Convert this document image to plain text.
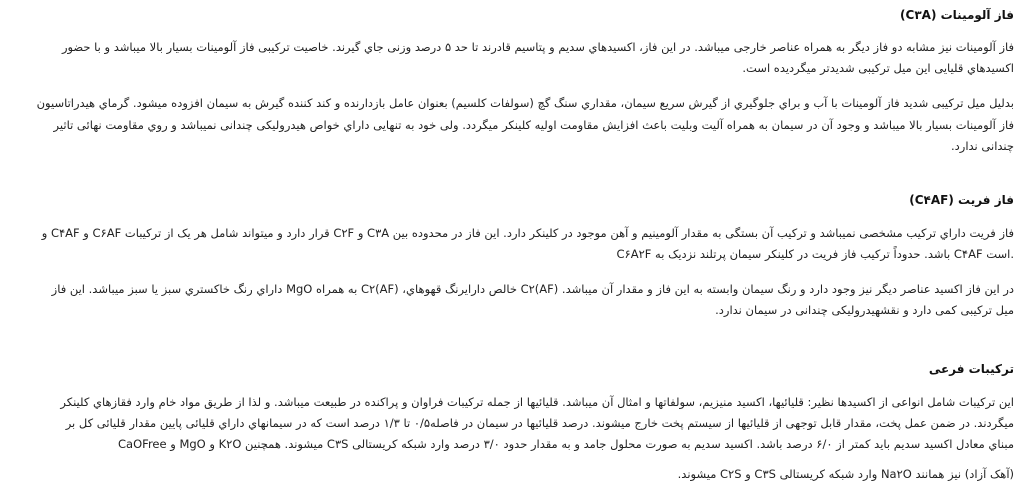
فاز آلومينات (C۳A)
فاز آلومینات نیز مشابه دو فاز دیگر به همراه عناصر خارجی میباشد. در این فاز، اکسیدهاي سدیم و پتاسیم قادرند تا حد ۵ درصد وزنی جاي گیرند. خاصیت ترکیبی فاز آلومینات بسیار بالا میباشد و با حضور
اکسیدهاي قلیایی این میل ترکیبی شدیدتر میگردیده است.
بدلیل میل ترکیبی شدید فاز آلومینات با آب و براي جلوگیري از گیرش سریع سیمان، مقداري سنگ گچ (سولفات کلسیم) بعنوان عامل بازدارنده و کند کننده گیرش به سیمان افزوده میشود. گرماي هیدراتاسیون
فاز آلومینات بسیار بالا میباشد و وجود آن در سیمان به همراه آلیت وبلیت باعث افزایش مقاومت اولیه کلینکر میگردد. ولی خود به تنهایی داراي خواص هیدرولیکی چندانی نمیباشد و روي مقاومت نهائی تاثیر
چندانی ندارد.
فاز فريت (C۴AF)
فاز فریت داراي ترکیب مشخصی نمیباشد و ترکیب آن بستگی به مقدار آلومینیم و آهن موجود در کلینکر دارد. این فاز در محدوده بین C۳A و C۲F قرار دارد و میتواند شامل هر یک از ترکیبات C۶AF و C۴AF و
C۶A۲F باشد. حدوداً ترکیب فاز فریت در کلینکر سیمان پرتلند نزدیک به C۴AF است.
در این فاز اکسید عناصر دیگر نیز وجود دارد و رنگ سیمان وابسته به این فاز و مقدار آن میباشد. C۲(AF) خالص دارایرنگ قهوهاي، C۲(AF) به همراه MgO داراي رنگ خاکستري سبز یا سبز میباشد. این فاز
میل ترکیبی کمی دارد و نقشهیدرولیکی چندانی در سیمان ندارد.
تركيبات فرعی
این ترکیبات شامل انواعی از اکسیدها نظیر: قلیائیها، اکسید منیزیم، سولفاتها و امثال آن میباشد. قلیائیها از جمله ترکیبات فراوان و پراکنده در طبیعت میباشد. و لذا از طریق مواد خام وارد فقازهاي کلینکر
میگردند. در ضمن عمل پخت، مقدار قابل توجهی از قلیائیها از سیستم پخت خارج میشوند. درصد قلیائیها در سیمان در فاصله۰/۵ تا ۱/۳ درصد است که در سیمانهاي داراي قلیائی پایین مقدار قلیائی کل بر
مبناي معادل اکسید سدیم باید کمتر از ۶/۰ درصد باشد. اکسید سدیم به صورت محلول جامد و به مقدار حدود ۳/۰ درصد وارد شبکه کریستالی C۳S میشوند. همچنین K۲O و MgO و CaOFree
(آهک آزاد) نیز همانند Na۲O وارد شبکه کریستالی C۳S و C۲S میشوند.
